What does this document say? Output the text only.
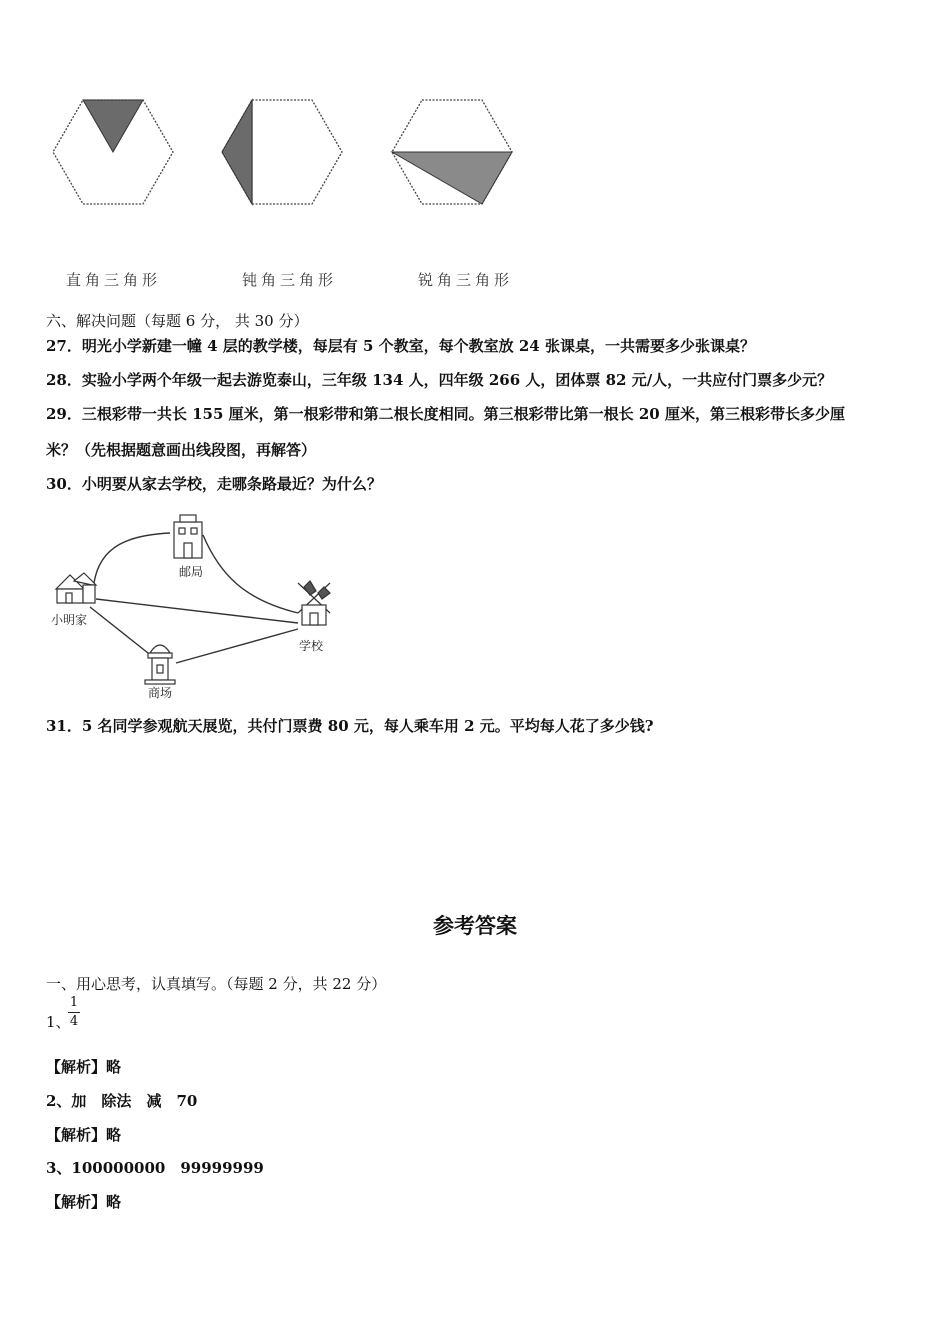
直角三角形	钝角三角形	锐角三角形
六、解决问题（每题 6 分， 共 30 分）
27．明光小学新建一幢 4 层的教学楼，每层有 5 个教室，每个教室放 24 张课桌，一共需要多少张课桌？
28．实验小学两个年级一起去游览泰山，三年级 134 人，四年级 266 人，团体票 82 元/人，一共应付门票多少元？
29．三根彩带一共长 155 厘米，第一根彩带和第二根长度相同。第三根彩带比第一根长 20 厘米，第三根彩带长多少厘
米？（先根据题意画出线段图，再解答）
30．小明要从家去学校，走哪条路最近？为什么？
邮局
小明家
学校
商场
31．5 名同学参观航天展览，共付门票费 80 元，每人乘车用 2 元。平均每人花了多少钱?
参考答案
一、用心思考，认真填写。（每题 2 分，共 22 分）
1、
1
4
【解析】略
2、加　除法　减　70
【解析】略
3、100000000　99999999
【解析】略
